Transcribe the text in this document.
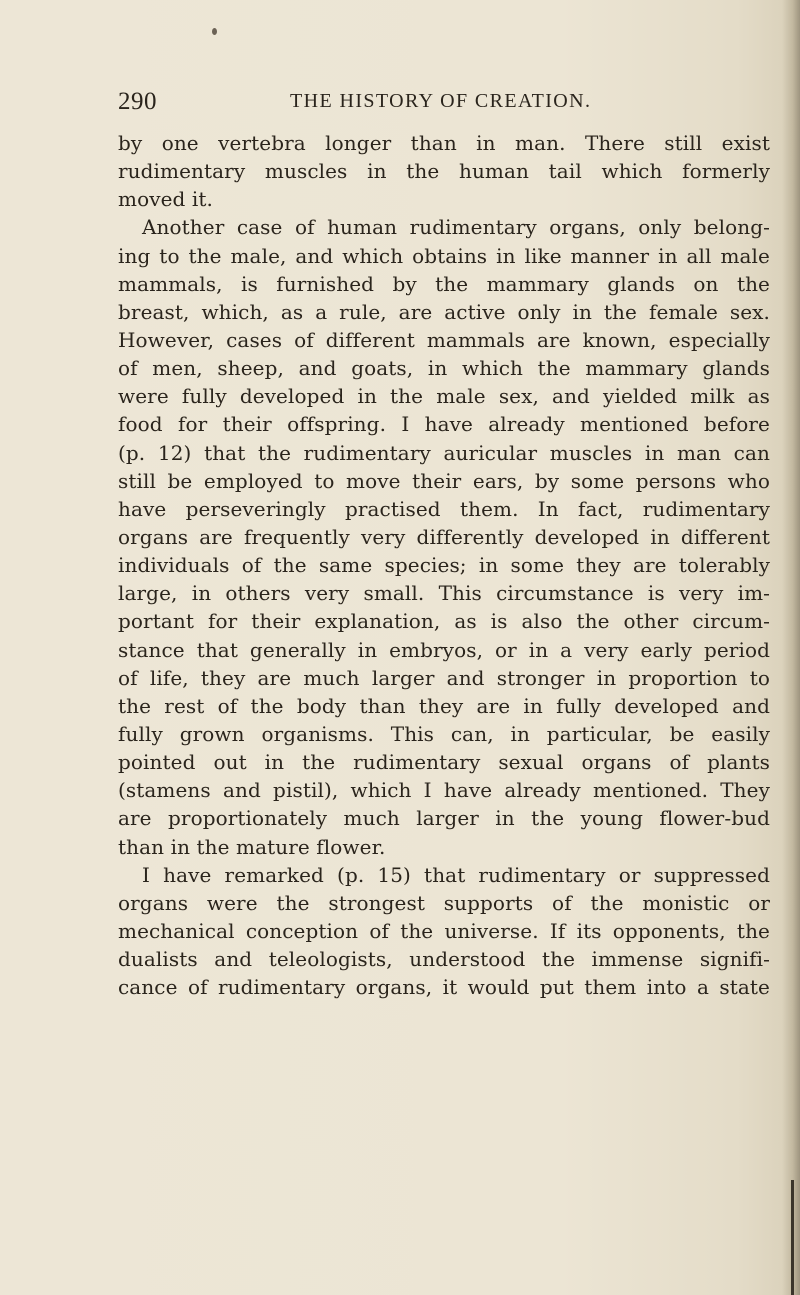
290	THE HISTORY OF CREATION.
by one vertebra longer than in man. There still exist
rudimentary muscles in the human tail which formerly
moved it.
Another case of human rudimentary organs, only belong-
ing to the male, and which obtains in like manner in all male
mammals, is furnished by the mammary glands on the
breast, which, as a rule, are active only in the female sex.
However, cases of different mammals are known, especially
of men, sheep, and goats, in which the mammary glands
were fully developed in the male sex, and yielded milk as
food for their offspring. I have already mentioned before
(p. 12) that the rudimentary auricular muscles in man can
still be employed to move their ears, by some persons who
have perseveringly practised them. In fact, rudimentary
organs are frequently very differently developed in different
individuals of the same species; in some they are tolerably
large, in others very small. This circumstance is very im-
portant for their explanation, as is also the other circum-
stance that generally in embryos, or in a very early period
of life, they are much larger and stronger in proportion to
the rest of the body than they are in fully developed and
fully grown organisms. This can, in particular, be easily
pointed out in the rudimentary sexual organs of plants
(stamens and pistil), which I have already mentioned. They
are proportionately much larger in the young flower-bud
than in the mature flower.
I have remarked (p. 15) that rudimentary or suppressed
organs were the strongest supports of the monistic or
mechanical conception of the universe. If its opponents, the
dualists and teleologists, understood the immense signifi-
cance of rudimentary organs, it would put them into a state
